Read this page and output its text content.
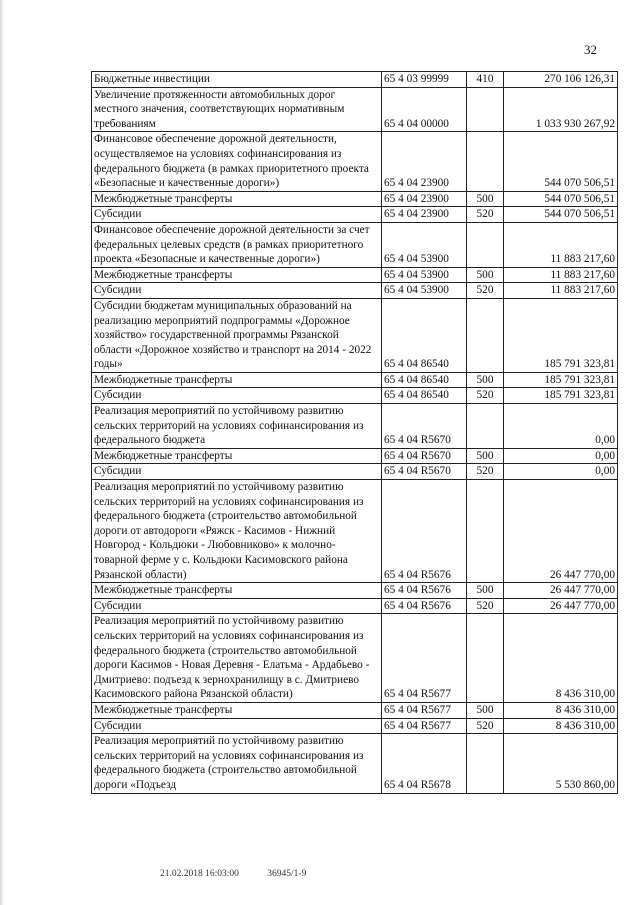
32
Бюджетные инвестиции	65 4 03 99999	410	270 106 126,31
Увеличение протяженности автомобильных дорог местного значения, соответствующих нормативным требованиям	65 4 04 00000		1 033 930 267,92
Финансовое обеспечение дорожной деятельности, осуществляемое на условиях софинансирования из федерального бюджета (в рамках приоритетного проекта «Безопасные и качественные дороги»)	65 4 04 23900		544 070 506,51
Межбюджетные трансферты	65 4 04 23900	500	544 070 506,51
Субсидии	65 4 04 23900	520	544 070 506,51
Финансовое обеспечение дорожной деятельности за счет федеральных целевых средств (в рамках приоритетного проекта «Безопасные и качественные дороги»)	65 4 04 53900		11 883 217,60
Межбюджетные трансферты	65 4 04 53900	500	11 883 217,60
Субсидии	65 4 04 53900	520	11 883 217,60
Субсидии бюджетам муниципальных образований на реализацию мероприятий подпрограммы «Дорожное хозяйство» государственной программы Рязанской области «Дорожное хозяйство и транспорт на 2014 - 2022 годы»	65 4 04 86540		185 791 323,81
Межбюджетные трансферты	65 4 04 86540	500	185 791 323,81
Субсидии	65 4 04 86540	520	185 791 323,81
Реализация мероприятий по устойчивому развитию сельских территорий на условиях софинансирования из федерального бюджета	65 4 04 R5670		0,00
Межбюджетные трансферты	65 4 04 R5670	500	0,00
Субсидии	65 4 04 R5670	520	0,00
Реализация мероприятий по устойчивому развитию сельских территорий на условиях софинансирования из федерального бюджета (строительство автомобильной дороги от автодороги «Ряжск - Касимов - Нижний Новгород - Кольдюки - Любовниково» к молочно-товарной ферме у с. Кольдюки Касимовского района Рязанской области)	65 4 04 R5676		26 447 770,00
Межбюджетные трансферты	65 4 04 R5676	500	26 447 770,00
Субсидии	65 4 04 R5676	520	26 447 770,00
Реализация мероприятий по устойчивому развитию сельских территорий на условиях софинансирования из федерального бюджета (строительство автомобильной дороги Касимов - Новая Деревня - Елатьма - Ардабьево - Дмитриево: подъезд к зернохранилищу в с. Дмитриево Касимовского района Рязанской области)	65 4 04 R5677		8 436 310,00
Межбюджетные трансферты	65 4 04 R5677	500	8 436 310,00
Субсидии	65 4 04 R5677	520	8 436 310,00
Реализация мероприятий по устойчивому развитию сельских территорий на условиях софинансирования из федерального бюджета (строительство автомобильной дороги «Подъезд	65 4 04 R5678		5 530 860,00
21.02.2018 16:03:00	36945/1-9
